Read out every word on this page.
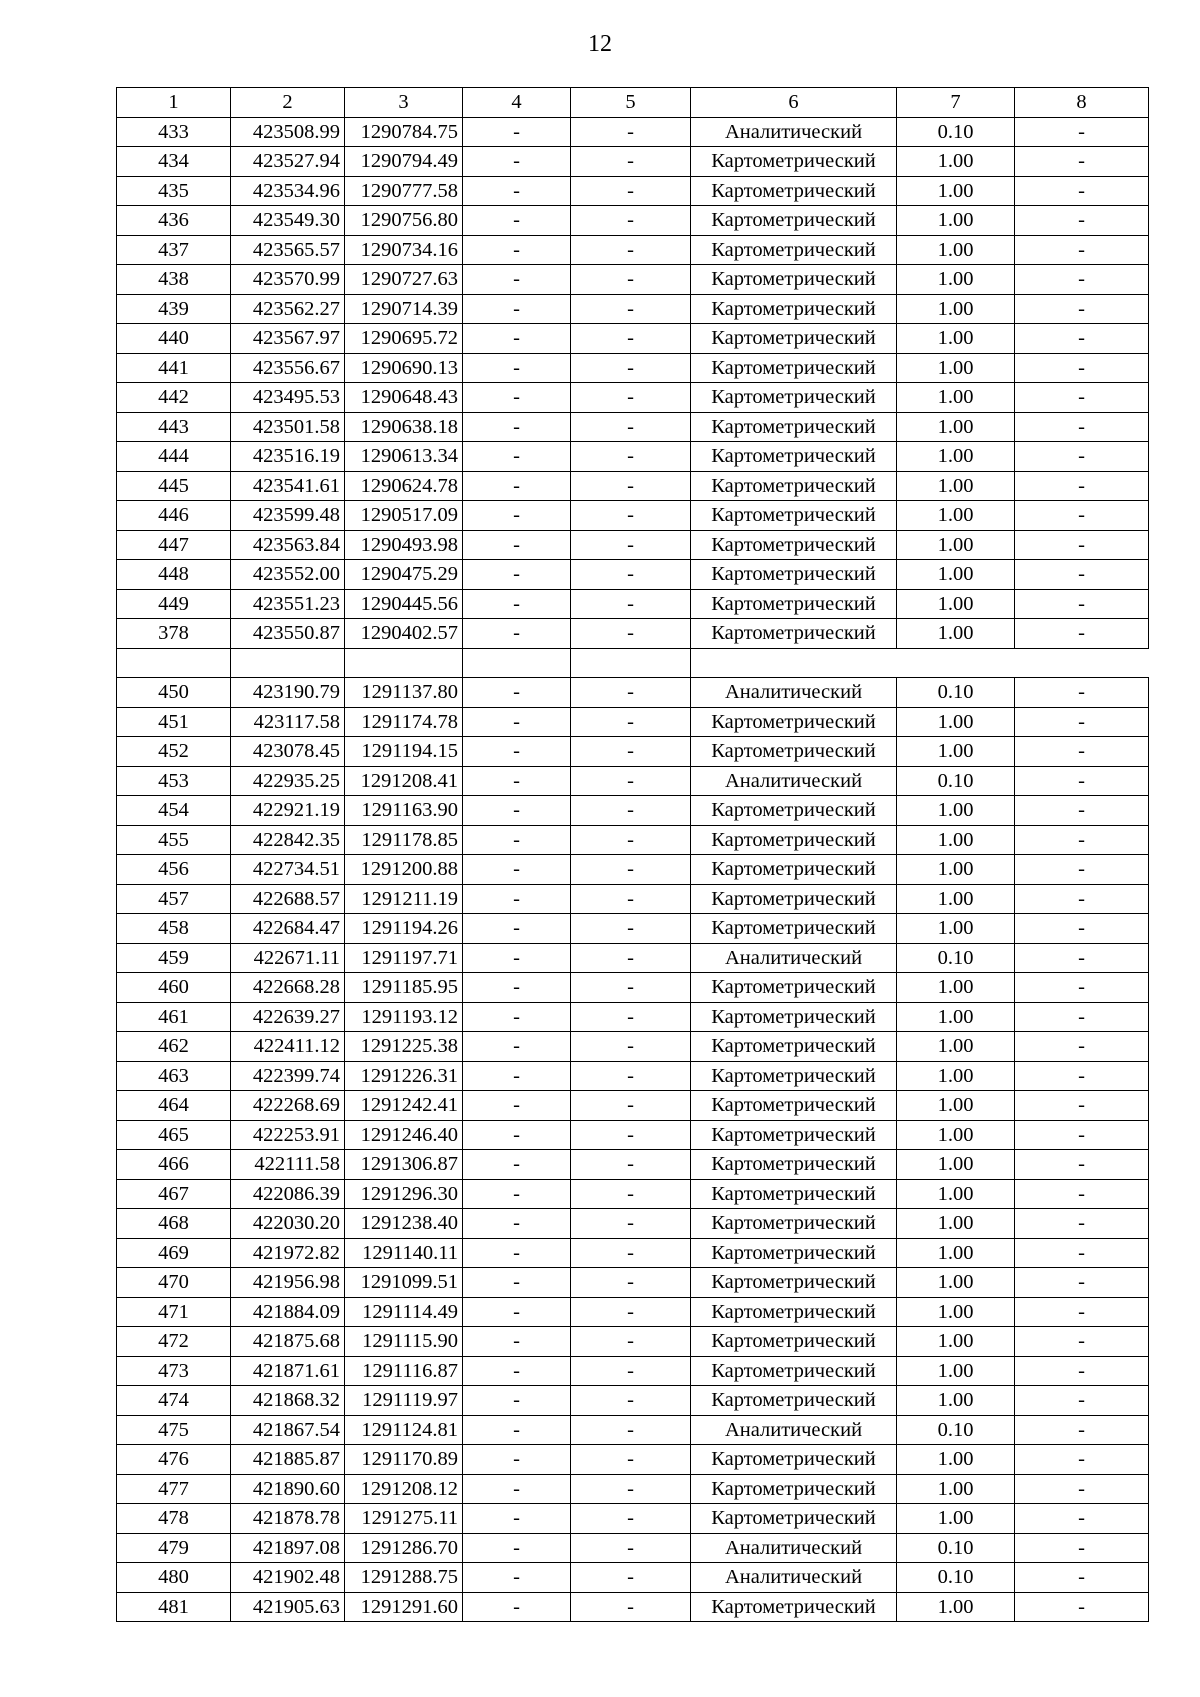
12
1	2	3	4	5	6	7	8
433	423508.99	1290784.75	-	-	Аналитический	0.10	-
434	423527.94	1290794.49	-	-	Картометрический	1.00	-
435	423534.96	1290777.58	-	-	Картометрический	1.00	-
436	423549.30	1290756.80	-	-	Картометрический	1.00	-
437	423565.57	1290734.16	-	-	Картометрический	1.00	-
438	423570.99	1290727.63	-	-	Картометрический	1.00	-
439	423562.27	1290714.39	-	-	Картометрический	1.00	-
440	423567.97	1290695.72	-	-	Картометрический	1.00	-
441	423556.67	1290690.13	-	-	Картометрический	1.00	-
442	423495.53	1290648.43	-	-	Картометрический	1.00	-
443	423501.58	1290638.18	-	-	Картометрический	1.00	-
444	423516.19	1290613.34	-	-	Картометрический	1.00	-
445	423541.61	1290624.78	-	-	Картометрический	1.00	-
446	423599.48	1290517.09	-	-	Картометрический	1.00	-
447	423563.84	1290493.98	-	-	Картометрический	1.00	-
448	423552.00	1290475.29	-	-	Картометрический	1.00	-
449	423551.23	1290445.56	-	-	Картометрический	1.00	-
378	423550.87	1290402.57	-	-	Картометрический	1.00	-

450	423190.79	1291137.80	-	-	Аналитический	0.10	-
451	423117.58	1291174.78	-	-	Картометрический	1.00	-
452	423078.45	1291194.15	-	-	Картометрический	1.00	-
453	422935.25	1291208.41	-	-	Аналитический	0.10	-
454	422921.19	1291163.90	-	-	Картометрический	1.00	-
455	422842.35	1291178.85	-	-	Картометрический	1.00	-
456	422734.51	1291200.88	-	-	Картометрический	1.00	-
457	422688.57	1291211.19	-	-	Картометрический	1.00	-
458	422684.47	1291194.26	-	-	Картометрический	1.00	-
459	422671.11	1291197.71	-	-	Аналитический	0.10	-
460	422668.28	1291185.95	-	-	Картометрический	1.00	-
461	422639.27	1291193.12	-	-	Картометрический	1.00	-
462	422411.12	1291225.38	-	-	Картометрический	1.00	-
463	422399.74	1291226.31	-	-	Картометрический	1.00	-
464	422268.69	1291242.41	-	-	Картометрический	1.00	-
465	422253.91	1291246.40	-	-	Картометрический	1.00	-
466	422111.58	1291306.87	-	-	Картометрический	1.00	-
467	422086.39	1291296.30	-	-	Картометрический	1.00	-
468	422030.20	1291238.40	-	-	Картометрический	1.00	-
469	421972.82	1291140.11	-	-	Картометрический	1.00	-
470	421956.98	1291099.51	-	-	Картометрический	1.00	-
471	421884.09	1291114.49	-	-	Картометрический	1.00	-
472	421875.68	1291115.90	-	-	Картометрический	1.00	-
473	421871.61	1291116.87	-	-	Картометрический	1.00	-
474	421868.32	1291119.97	-	-	Картометрический	1.00	-
475	421867.54	1291124.81	-	-	Аналитический	0.10	-
476	421885.87	1291170.89	-	-	Картометрический	1.00	-
477	421890.60	1291208.12	-	-	Картометрический	1.00	-
478	421878.78	1291275.11	-	-	Картометрический	1.00	-
479	421897.08	1291286.70	-	-	Аналитический	0.10	-
480	421902.48	1291288.75	-	-	Аналитический	0.10	-
481	421905.63	1291291.60	-	-	Картометрический	1.00	-
